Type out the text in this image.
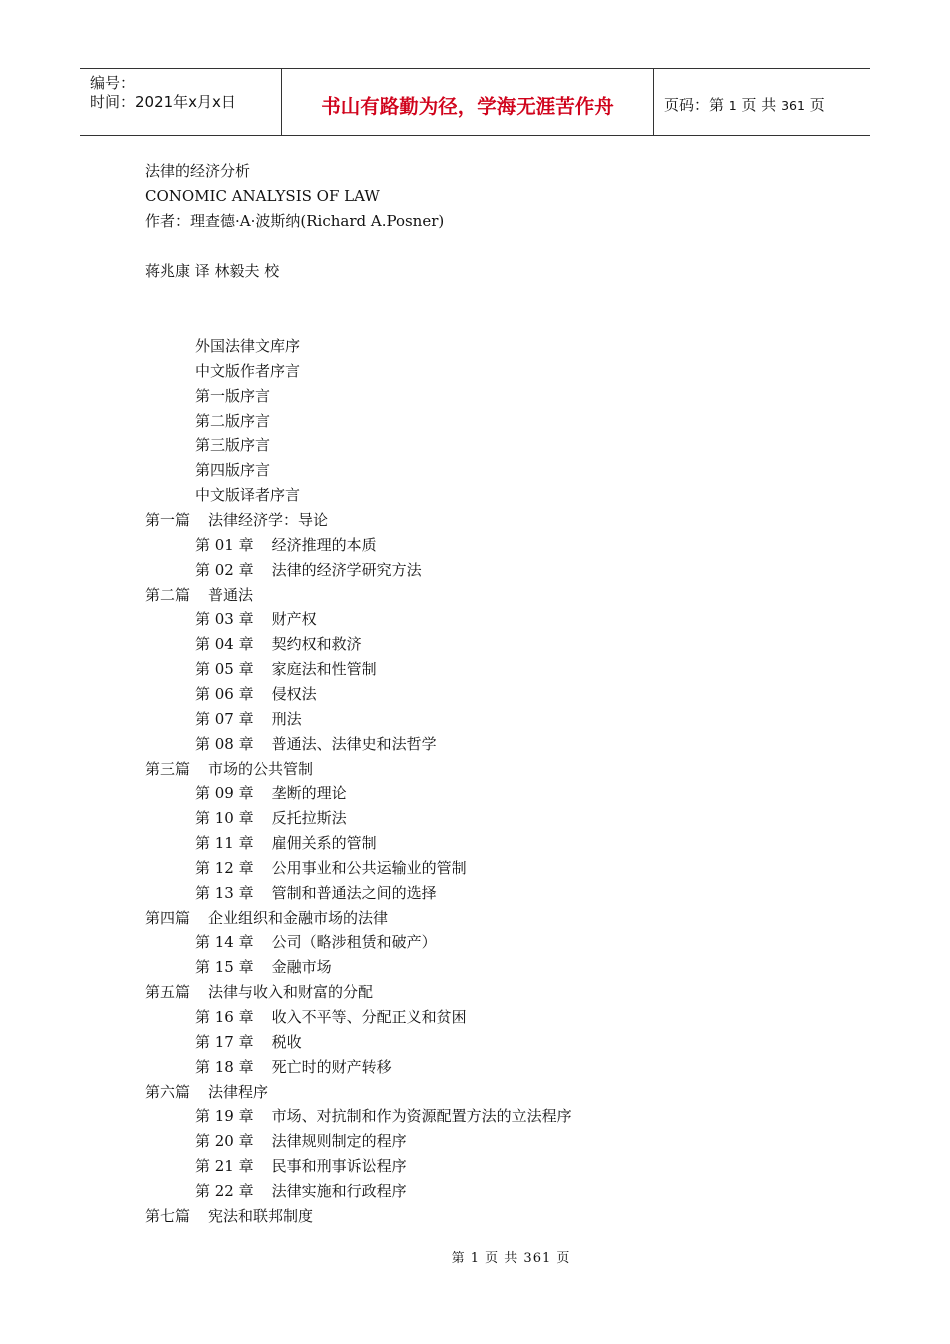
编号：
时间：2021年x月x日	书山有路勤为径，学海无涯苦作舟	页码：第 1 页 共 361 页
法律的经济分析
CONOMIC ANALYSIS OF LAW
作者：理查德·A·波斯纳(Richard A.Posner)
蒋兆康 译 林毅夫 校
外国法律文库序
中文版作者序言
第一版序言
第二版序言
第三版序言
第四版序言
中文版译者序言
第一篇 法律经济学：导论
第 01 章 经济推理的本质
第 02 章 法律的经济学研究方法
第二篇 普通法
第 03 章 财产权
第 04 章 契约权和救济
第 05 章 家庭法和性管制
第 06 章 侵权法
第 07 章 刑法
第 08 章 普通法、法律史和法哲学
第三篇 市场的公共管制
第 09 章 垄断的理论
第 10 章 反托拉斯法
第 11 章 雇佣关系的管制
第 12 章 公用事业和公共运输业的管制
第 13 章 管制和普通法之间的选择
第四篇 企业组织和金融市场的法律
第 14 章 公司（略涉租赁和破产）
第 15 章 金融市场
第五篇 法律与收入和财富的分配
第 16 章 收入不平等、分配正义和贫困
第 17 章 税收
第 18 章 死亡时的财产转移
第六篇 法律程序
第 19 章 市场、对抗制和作为资源配置方法的立法程序
第 20 章 法律规则制定的程序
第 21 章 民事和刑事诉讼程序
第 22 章 法律实施和行政程序
第七篇 宪法和联邦制度
第 1 页 共 361 页
